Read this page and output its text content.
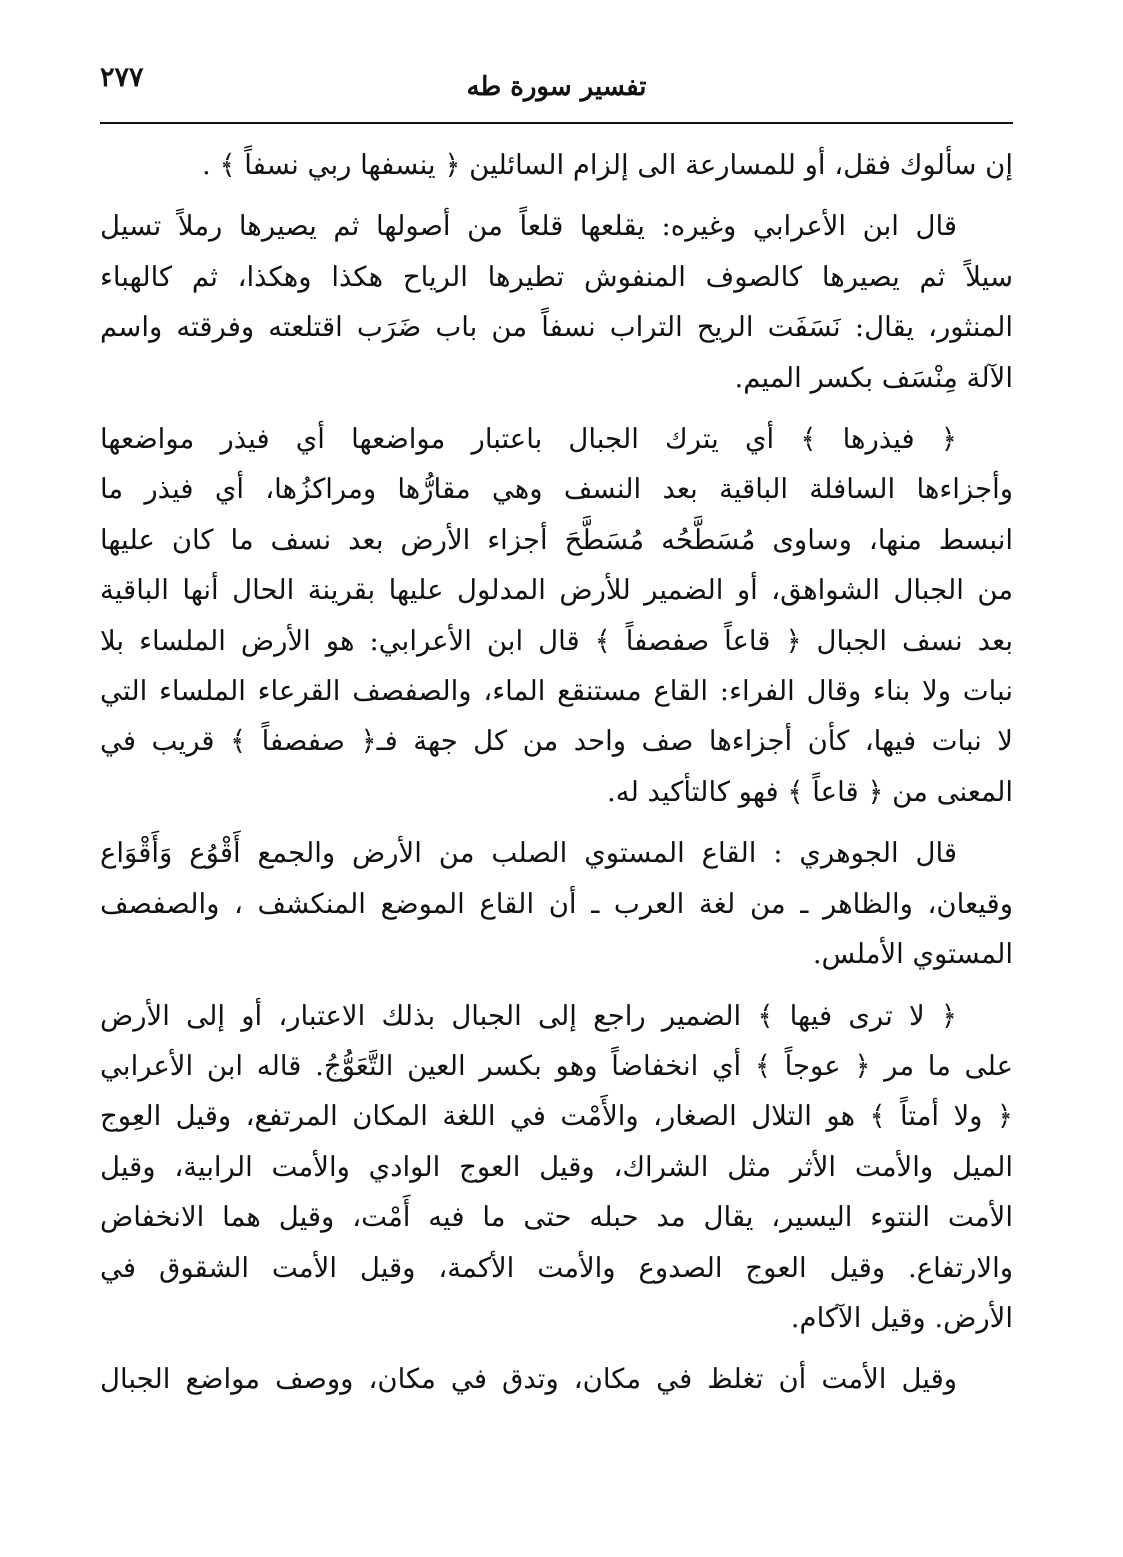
تفسير سورة طه
٢٧٧
إن سألوك فقل، أو للمسارعة الى إلزام السائلين ﴿ ينسفها ربي نسفاً ﴾ .
قال ابن الأعرابي وغيره: يقلعها قلعاً من أصولها ثم يصيرها رملاً تسيل
سيلاً ثم يصيرها كالصوف المنفوش تطيرها الرياح هكذا وهكذا، ثم كالهباء
المنثور، يقال: نَسَفَت الريح التراب نسفاً من باب ضَرَب اقتلعته وفرقته واسم
الآلة مِنْسَف بكسر الميم.
﴿ فيذرها ﴾ أي يترك الجبال باعتبار مواضعها أي فيذر مواضعها
وأجزاءها السافلة الباقية بعد النسف وهي مقارُّها ومراكزُها، أي فيذر ما
انبسط منها، وساوى مُسَطَّحُه مُسَطَّحَ أجزاء الأرض بعد نسف ما كان عليها
من الجبال الشواهق، أو الضمير للأرض المدلول عليها بقرينة الحال أنها الباقية
بعد نسف الجبال ﴿ قاعاً صفصفاً ﴾ قال ابن الأعرابي: هو الأرض الملساء بلا
نبات ولا بناء وقال الفراء: القاع مستنقع الماء، والصفصف القرعاء الملساء التي
لا نبات فيها، كأن أجزاءها صف واحد من كل جهة فـ﴿ صفصفاً ﴾ قريب في
المعنى من ﴿ قاعاً ﴾ فهو كالتأكيد له.
قال الجوهري : القاع المستوي الصلب من الأرض والجمع أَقْوُع وَأَقْوَاع
وقيعان، والظاهر ـ من لغة العرب ـ أن القاع الموضع المنكشف ، والصفصف
المستوي الأملس.
﴿ لا ترى فيها ﴾ الضمير راجع إلى الجبال بذلك الاعتبار، أو إلى الأرض
على ما مر ﴿ عوجاً ﴾ أي انخفاضاً وهو بكسر العين التَّعَوُّجُ. قاله ابن الأعرابي
﴿ ولا أمتاً ﴾ هو التلال الصغار، والأَمْت في اللغة المكان المرتفع، وقيل العِوج
الميل والأمت الأثر مثل الشراك، وقيل العوج الوادي والأمت الرابية، وقيل
الأمت النتوء اليسير، يقال مد حبله حتى ما فيه أَمْت، وقيل هما الانخفاض
والارتفاع. وقيل العوج الصدوع والأمت الأكمة، وقيل الأمت الشقوق في
الأرض. وقيل الآكام.
وقيل الأمت أن تغلظ في مكان، وتدق في مكان، ووصف مواضع الجبال
